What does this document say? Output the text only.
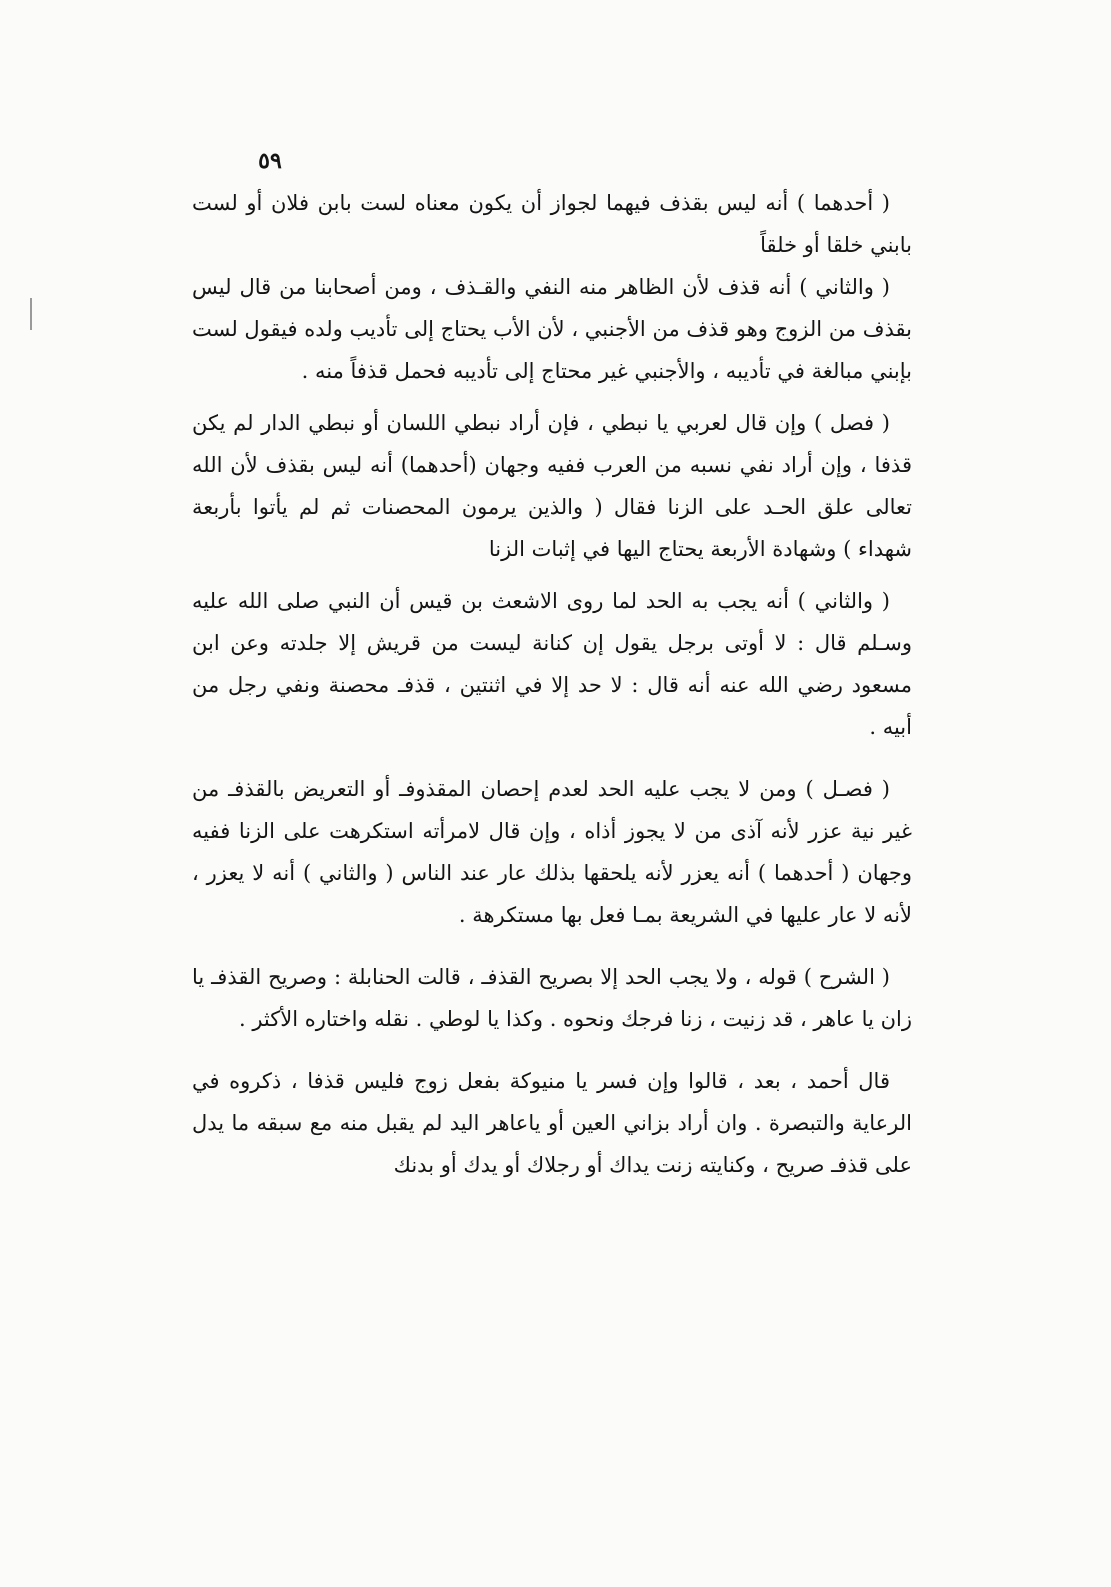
٥٩

( أحدهما ) أنه ليس بقذف فيهما لجواز أن يكون معناه لست بابن فلان أو لست بابني خلقا أو خلقاً

( والثاني ) أنه قذف لأن الظاهر منه النفي والقـذف ، ومن أصحابنا من قال ليس بقذف من الزوج وهو قذف من الأجنبي ، لأن الأب يحتاج إلى تأديب ولده فيقول لست بإبني مبالغة في تأديبه ، والأجنبي غير محتاج إلى تأديبه فحمل قذفاً منه .

( فصل ) وإن قال لعربي يا نبطي ، فإن أراد نبطي اللسان أو نبطي الدار لم يكن قذفا ، وإن أراد نفي نسبه من العرب ففيه وجهان (أحدهما) أنه ليس بقذف لأن الله تعالى علق الحـد على الزنا فقال ( والذين يرمون المحصنات ثم لم يأتوا بأربعة شهداء ) وشهادة الأربعة يحتاج اليها في إثبات الزنا

( والثاني ) أنه يجب به الحد لما روى الاشعث بن قيس أن النبي صلى الله عليه وسـلم قال : لا أوتى برجل يقول إن كنانة ليست من قريش إلا جلدته وعن ابن مسعود رضي الله عنه أنه قال : لا حد إلا في اثنتين ، قذفـ محصنة ونفي رجل من أبيه .

( فصـل ) ومن لا يجب عليه الحد لعدم إحصان المقذوفـ أو التعريض بالقذفـ من غير نية عزر لأنه آذى من لا يجوز أذاه ، وإن قال لامرأته استكرهت على الزنا ففيه وجهان ( أحدهما ) أنه يعزر لأنه يلحقها بذلك عار عند الناس ( والثاني ) أنه لا يعزر ، لأنه لا عار عليها في الشريعة بمـا فعل بها مستكرهة .

( الشرح ) قوله ، ولا يجب الحد إلا بصريح القذفـ ، قالت الحنابلة : وصريح القذفـ يا زان يا عاهر ، قد زنيت ، زنا فرجك ونحوه . وكذا يا لوطي . نقله واختاره الأكثر .

قال أحمد ، بعد ، قالوا وإن فسر يا منيوكة بفعل زوج فليس قذفا ، ذكروه في الرعاية والتبصرة . وان أراد بزاني العين أو ياعاهر اليد لم يقبل منه مع سبقه ما يدل على قذفـ صريح ، وكنايته زنت يداك أو رجلاك أو يدك أو بدنك
